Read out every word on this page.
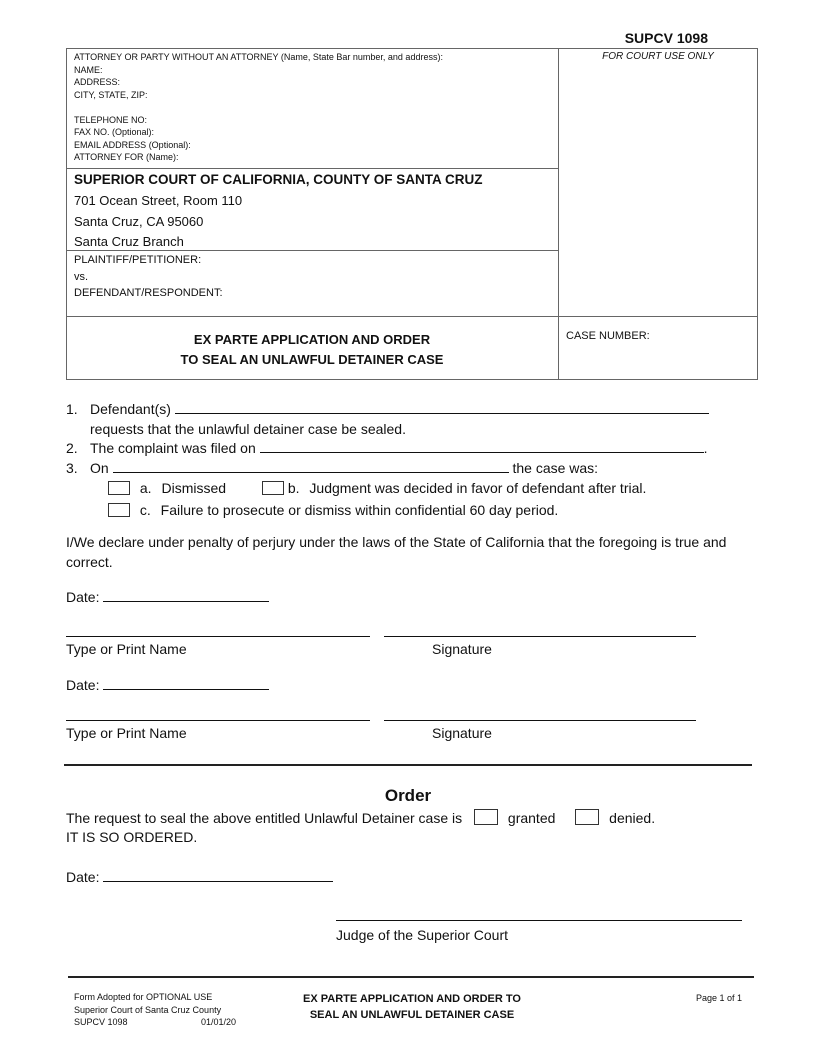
SUPCV 1098
FOR COURT USE ONLY
ATTORNEY OR PARTY WITHOUT AN ATTORNEY (Name, State Bar number, and address):
NAME:
ADDRESS:
CITY, STATE, ZIP:
TELEPHONE NO:
FAX NO. (Optional):
EMAIL ADDRESS (Optional):
ATTORNEY FOR (Name):
SUPERIOR COURT OF CALIFORNIA, COUNTY OF SANTA CRUZ
701 Ocean Street, Room 110
Santa Cruz, CA 95060
Santa Cruz Branch
PLAINTIFF/PETITIONER:
vs.
DEFENDANT/RESPONDENT:
EX PARTE APPLICATION AND ORDER
TO SEAL AN UNLAWFUL DETAINER CASE
CASE NUMBER:
1. Defendant(s)
requests that the unlawful detainer case be sealed.
2. The complaint was filed on	.
3. On	the case was:
a. Dismissed	b. Judgment was decided in favor of defendant after trial.
c. Failure to prosecute or dismiss within confidential 60 day period.
I/We declare under penalty of perjury under the laws of the State of California that the foregoing is true and correct.
Date:
Type or Print Name	Signature
Date:
Type or Print Name	Signature
Order
The request to seal the above entitled Unlawful Detainer case is	granted	denied.
IT IS SO ORDERED.
Date:
Judge of the Superior Court
Form Adopted for OPTIONAL USE
Superior Court of Santa Cruz County
SUPCV 1098	01/01/20
EX PARTE APPLICATION AND ORDER TO
SEAL AN UNLAWFUL DETAINER CASE
Page 1 of 1
